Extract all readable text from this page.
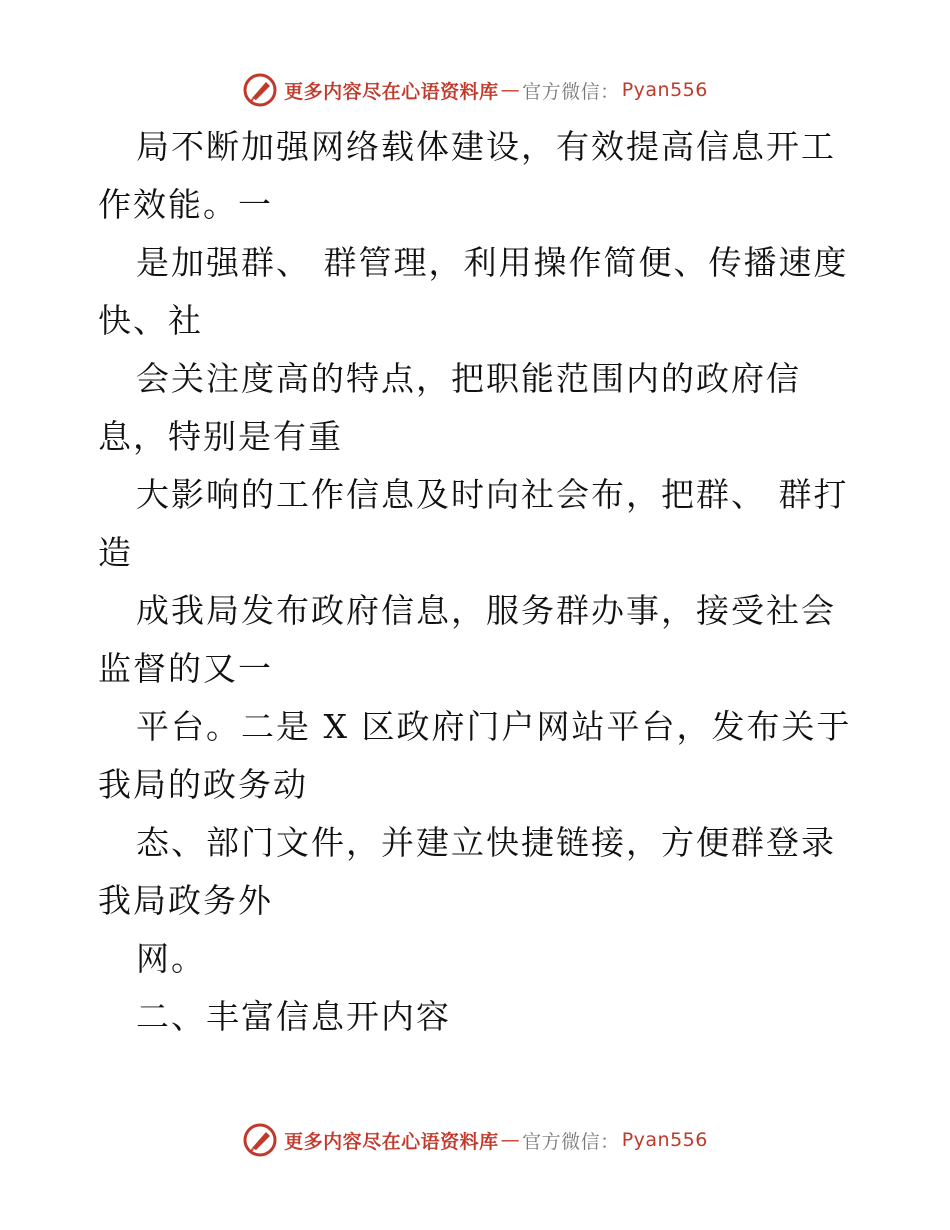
更多内容尽在心语资料库 — 官方微信： Pyan556

局不断加强网络载体建设，有效提高信息开工作效能。一

是加强群、 群管理，利用操作简便、传播速度快、社

会关注度高的特点，把职能范围内的政府信息，特别是有重

大影响的工作信息及时向社会布，把群、 群打造

成我局发布政府信息，服务群办事，接受社会监督的又一

平台。二是 X 区政府门户网站平台，发布关于我局的政务动

态、部门文件，并建立快捷链接，方便群登录我局政务外

网。

二、丰富信息开内容

更多内容尽在心语资料库 — 官方微信： Pyan556
